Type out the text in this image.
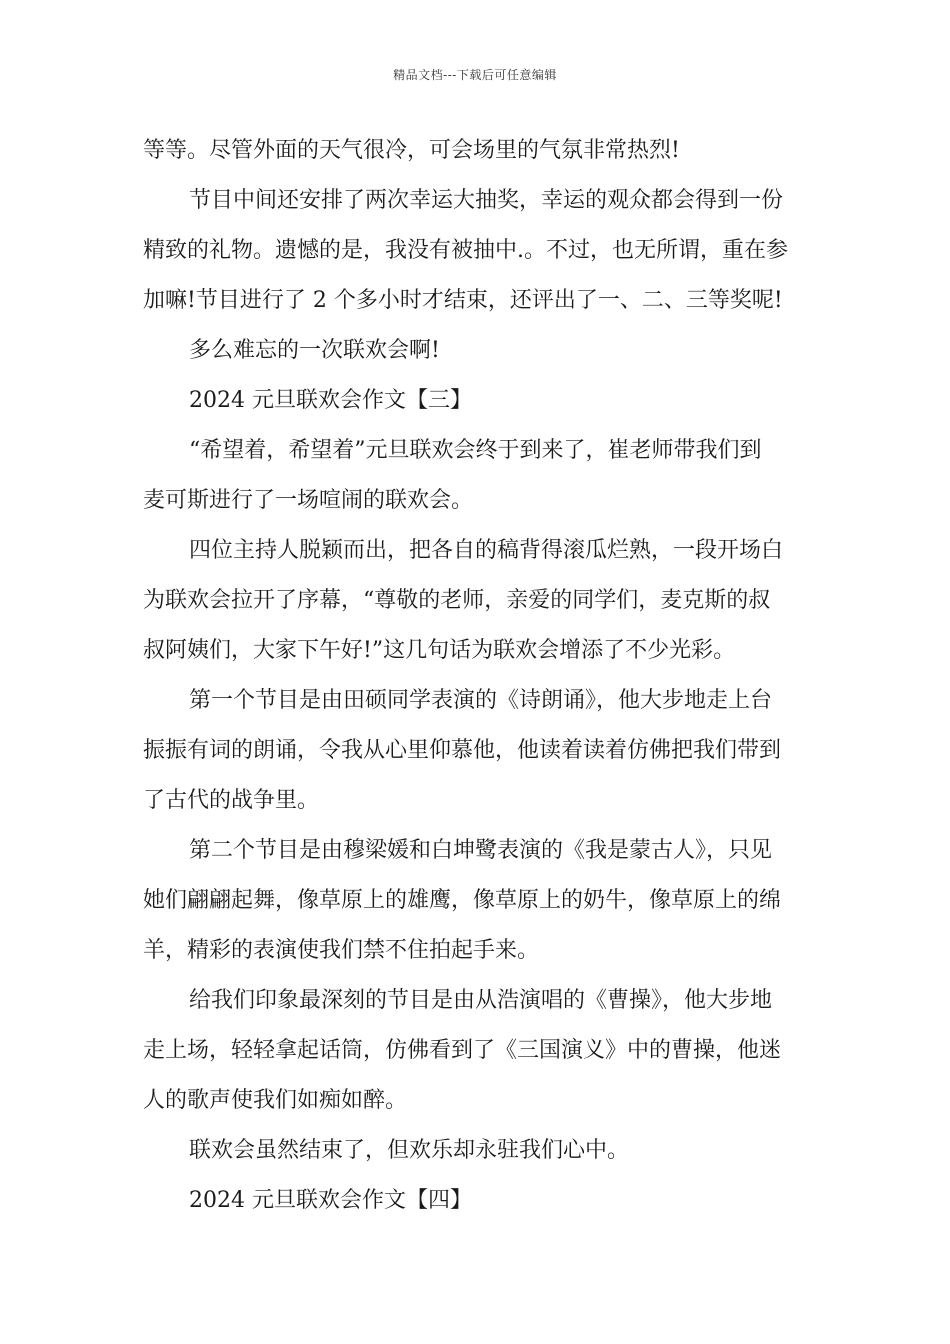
精品文档---下载后可任意编辑
等等。尽管外面的天气很冷，可会场里的气氛非常热烈!
节目中间还安排了两次幸运大抽奖，幸运的观众都会得到一份
精致的礼物。遗憾的是，我没有被抽中.。不过，也无所谓，重在参
加嘛!节目进行了 2 个多小时才结束，还评出了一、二、三等奖呢!
多么难忘的一次联欢会啊!
2024 元旦联欢会作文【三】
“希望着，希望着”元旦联欢会终于到来了，崔老师带我们到
麦可斯进行了一场喧闹的联欢会。
四位主持人脱颖而出，把各自的稿背得滚瓜烂熟，一段开场白
为联欢会拉开了序幕，“尊敬的老师，亲爱的同学们，麦克斯的叔
叔阿姨们，大家下午好!”这几句话为联欢会增添了不少光彩。
第一个节目是由田硕同学表演的《诗朗诵》，他大步地走上台
振振有词的朗诵，令我从心里仰慕他，他读着读着仿佛把我们带到
了古代的战争里。
第二个节目是由穆梁媛和白坤鹭表演的《我是蒙古人》，只见
她们翩翩起舞，像草原上的雄鹰，像草原上的奶牛，像草原上的绵
羊，精彩的表演使我们禁不住拍起手来。
给我们印象最深刻的节目是由从浩演唱的《曹操》，他大步地
走上场，轻轻拿起话筒，仿佛看到了《三国演义》中的曹操，他迷
人的歌声使我们如痴如醉。
联欢会虽然结束了，但欢乐却永驻我们心中。
2024 元旦联欢会作文【四】
